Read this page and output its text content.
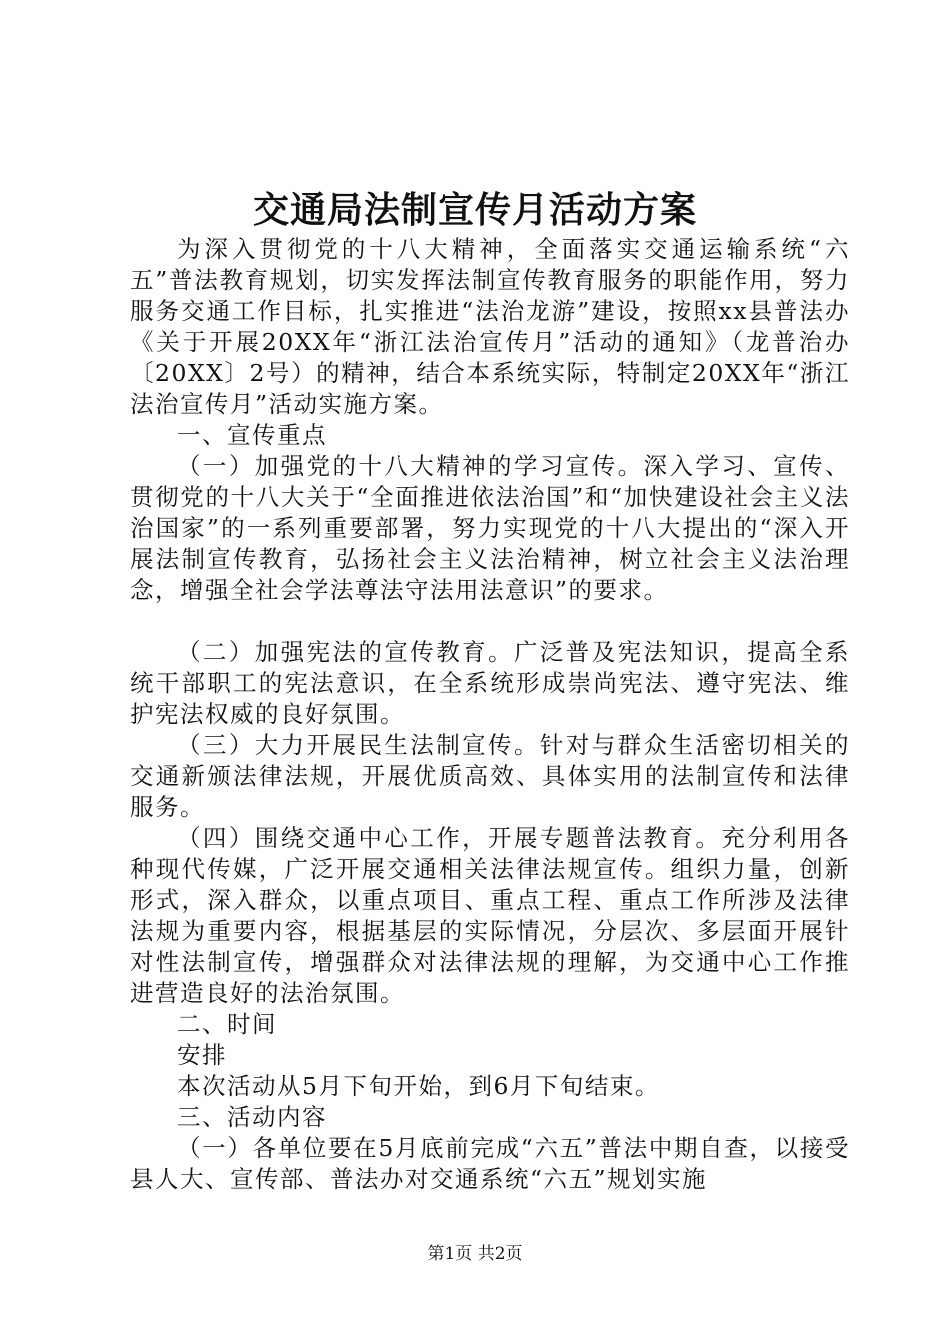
交通局法制宣传月活动方案

为深入贯彻党的十八大精神，全面落实交通运输系统“六五”普法教育规划，切实发挥法制宣传教育服务的职能作用，努力服务交通工作目标，扎实推进“法治龙游”建设，按照xx县普法办《关于开展20XX年“浙江法治宣传月”活动的通知》（龙普治办〔20XX〕2号）的精神，结合本系统实际，特制定20XX年“浙江法治宣传月”活动实施方案。

一、宣传重点

（一）加强党的十八大精神的学习宣传。深入学习、宣传、贯彻党的十八大关于“全面推进依法治国”和“加快建设社会主义法治国家”的一系列重要部署，努力实现党的十八大提出的“深入开展法制宣传教育，弘扬社会主义法治精神，树立社会主义法治理念，增强全社会学法尊法守法用法意识”的要求。

（二）加强宪法的宣传教育。广泛普及宪法知识，提高全系统干部职工的宪法意识，在全系统形成崇尚宪法、遵守宪法、维护宪法权威的良好氛围。

（三）大力开展民生法制宣传。针对与群众生活密切相关的交通新颁法律法规，开展优质高效、具体实用的法制宣传和法律服务。

（四）围绕交通中心工作，开展专题普法教育。充分利用各种现代传媒，广泛开展交通相关法律法规宣传。组织力量，创新形式，深入群众，以重点项目、重点工程、重点工作所涉及法律法规为重要内容，根据基层的实际情况，分层次、多层面开展针对性法制宣传，增强群众对法律法规的理解，为交通中心工作推进营造良好的法治氛围。

二、时间

安排

本次活动从5月下旬开始，到6月下旬结束。

三、活动内容

（一）各单位要在5月底前完成“六五”普法中期自查，以接受县人大、宣传部、普法办对交通系统“六五”规划实施

第1页 共2页
